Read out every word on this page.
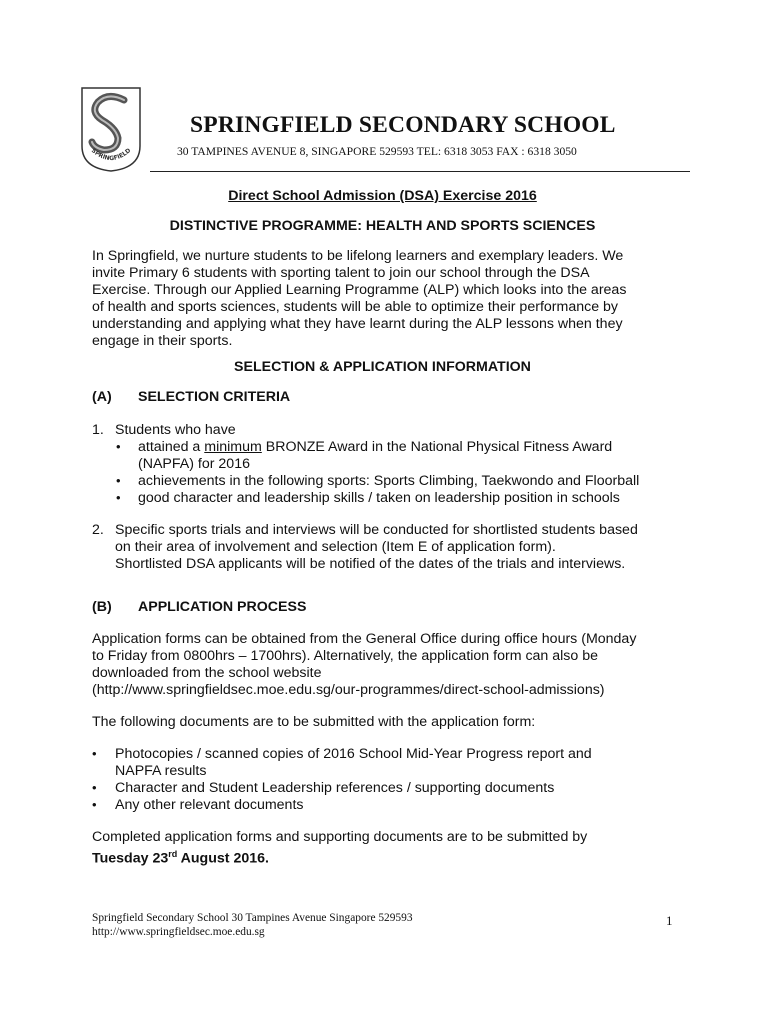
SPRINGFIELD
SPRINGFIELD SECONDARY SCHOOL
30 TAMPINES AVENUE 8, SINGAPORE 529593 TEL: 6318 3053 FAX : 6318 3050
Direct School Admission (DSA) Exercise 2016
DISTINCTIVE PROGRAMME: HEALTH AND SPORTS SCIENCES
In Springfield, we nurture students to be lifelong learners and exemplary leaders. We
invite Primary 6 students with sporting talent to join our school through the DSA
Exercise. Through our Applied Learning Programme (ALP) which looks into the areas
of health and sports sciences, students will be able to optimize their performance by
understanding and applying what they have learnt during the ALP lessons when they
engage in their sports.
SELECTION & APPLICATION INFORMATION
(A) SELECTION CRITERIA
1. Students who have
• attained a minimum BRONZE Award in the National Physical Fitness Award
(NAPFA) for 2016
• achievements in the following sports: Sports Climbing, Taekwondo and Floorball
• good character and leadership skills / taken on leadership position in schools
2. Specific sports trials and interviews will be conducted for shortlisted students based
on their area of involvement and selection (Item E of application form).
Shortlisted DSA applicants will be notified of the dates of the trials and interviews.
(B) APPLICATION PROCESS
Application forms can be obtained from the General Office during office hours (Monday
to Friday from 0800hrs – 1700hrs). Alternatively, the application form can also be
downloaded from the school website
(http://www.springfieldsec.moe.edu.sg/our-programmes/direct-school-admissions)
The following documents are to be submitted with the application form:
• Photocopies / scanned copies of 2016 School Mid-Year Progress report and
NAPFA results
• Character and Student Leadership references / supporting documents
• Any other relevant documents
Completed application forms and supporting documents are to be submitted by
Tuesday 23rd August 2016.
Springfield Secondary School 30 Tampines Avenue Singapore 529593
http://www.springfieldsec.moe.edu.sg
1
